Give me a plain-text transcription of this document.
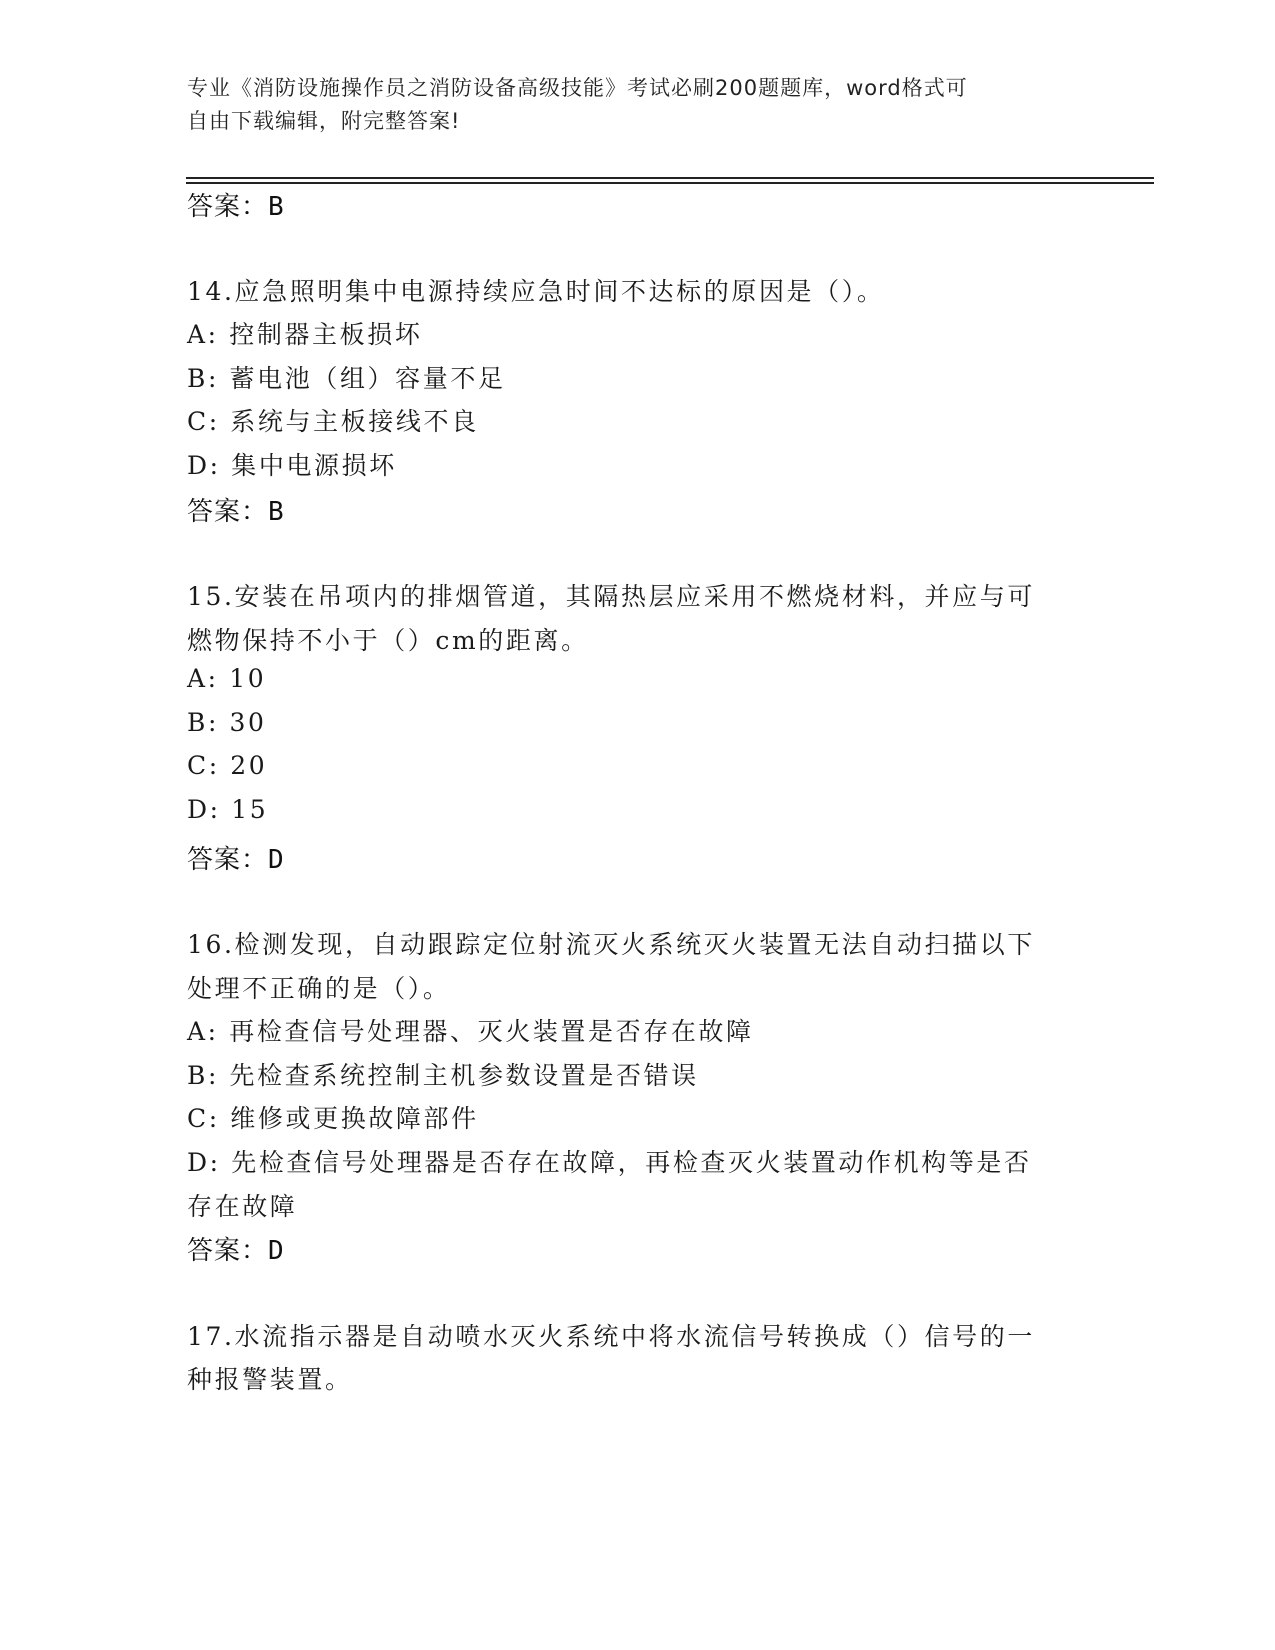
专业《消防设施操作员之消防设备高级技能》考试必刷200题题库，word格式可
自由下载编辑，附完整答案!
答案：B
14.应急照明集中电源持续应急时间不达标的原因是（）。
A: 控制器主板损坏
B: 蓄电池（组）容量不足
C: 系统与主板接线不良
D: 集中电源损坏
答案：B
15.安装在吊项内的排烟管道，其隔热层应采用不燃烧材料，并应与可
燃物保持不小于（）cm的距离。
A: 10
B: 30
C: 20
D: 15
答案：D
16.检测发现，自动跟踪定位射流灭火系统灭火装置无法自动扫描以下
处理不正确的是（）。
A: 再检查信号处理器、灭火装置是否存在故障
B: 先检查系统控制主机参数设置是否错误
C: 维修或更换故障部件
D: 先检查信号处理器是否存在故障，再检查灭火装置动作机构等是否
存在故障
答案：D
17.水流指示器是自动喷水灭火系统中将水流信号转换成（）信号的一
种报警装置。
